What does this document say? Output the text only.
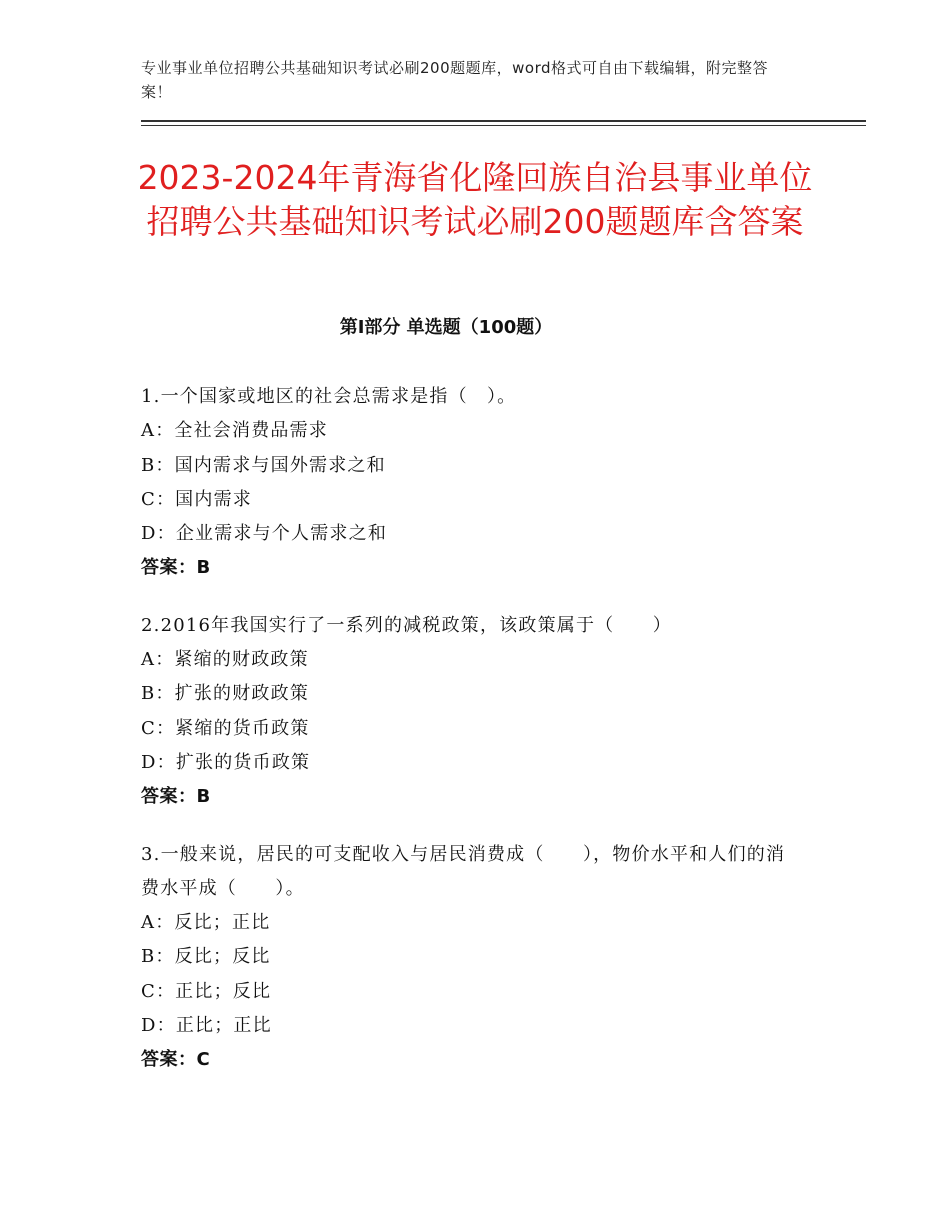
专业事业单位招聘公共基础知识考试必刷200题题库，word格式可自由下载编辑，附完整答案！
2023-2024年青海省化隆回族自治县事业单位招聘公共基础知识考试必刷200题题库含答案
第Ⅰ部分 单选题（100题）
1.一个国家或地区的社会总需求是指（　）。
A：全社会消费品需求
B：国内需求与国外需求之和
C：国内需求
D：企业需求与个人需求之和
答案：B
2.2016年我国实行了一系列的减税政策，该政策属于（　　）
A：紧缩的财政政策
B：扩张的财政政策
C：紧缩的货币政策
D：扩张的货币政策
答案：B
3.一般来说，居民的可支配收入与居民消费成（　　），物价水平和人们的消费水平成（　　）。
A：反比；正比
B：反比；反比
C：正比；反比
D：正比；正比
答案：C
